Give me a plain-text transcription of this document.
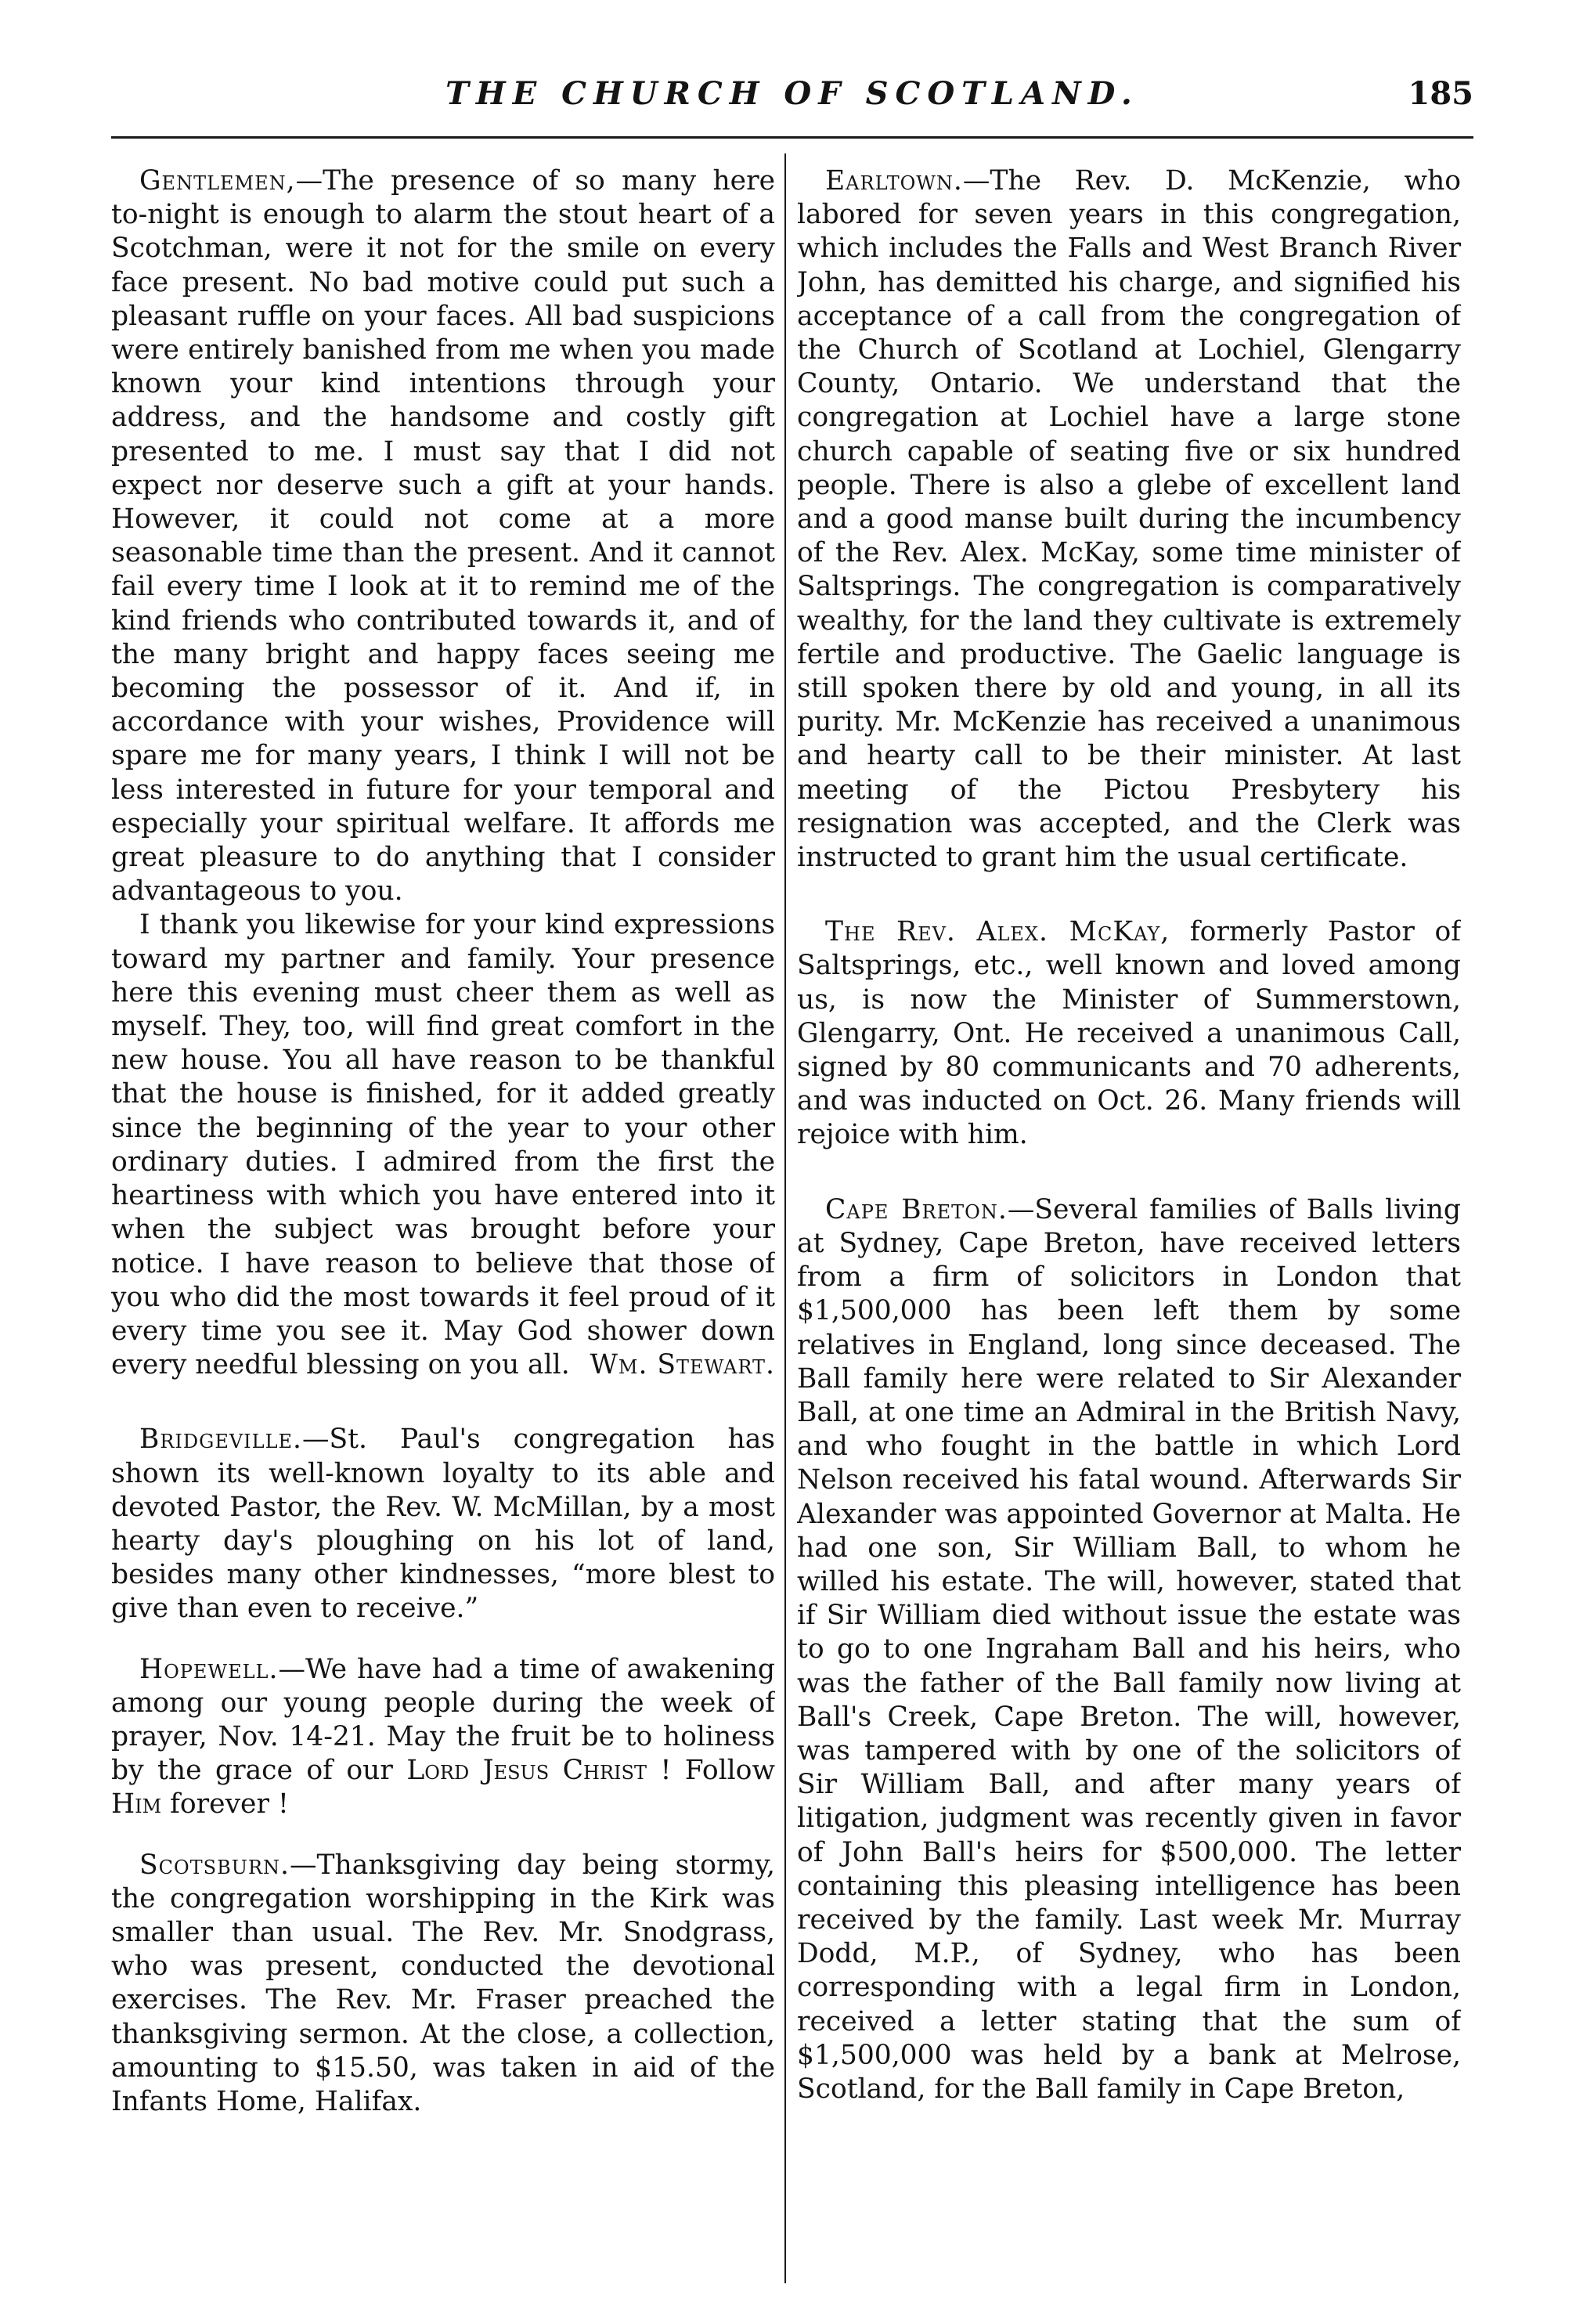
THE CHURCH OF SCOTLAND.	185

Gentlemen,—The presence of so many here to-night is enough to alarm the stout heart of a Scotchman, were it not for the smile on every face present. No bad motive could put such a pleasant ruffle on your faces. All bad suspicions were entirely banished from me when you made known your kind intentions through your address, and the handsome and costly gift presented to me. I must say that I did not expect nor deserve such a gift at your hands. However, it could not come at a more seasonable time than the present. And it cannot fail every time I look at it to remind me of the kind friends who contributed towards it, and of the many bright and happy faces seeing me becoming the possessor of it. And if, in accordance with your wishes, Providence will spare me for many years, I think I will not be less interested in future for your temporal and especially your spiritual welfare. It affords me great pleasure to do anything that I consider advantageous to you.

I thank you likewise for your kind expressions toward my partner and family. Your presence here this evening must cheer them as well as myself. They, too, will find great comfort in the new house. You all have reason to be thankful that the house is finished, for it added greatly since the beginning of the year to your other ordinary duties. I admired from the first the heartiness with which you have entered into it when the subject was brought before your notice. I have reason to believe that those of you who did the most towards it feel proud of it every time you see it. May God shower down every needful blessing on you all. Wm. Stewart.

Bridgeville.—St. Paul's congregation has shown its well-known loyalty to its able and devoted Pastor, the Rev. W. McMillan, by a most hearty day's ploughing on his lot of land, besides many other kindnesses, “more blest to give than even to receive.”

Hopewell.—We have had a time of awakening among our young people during the week of prayer, Nov. 14-21. May the fruit be to holiness by the grace of our Lord Jesus Christ ! Follow Him forever !

Scotsburn.—Thanksgiving day being stormy, the congregation worshipping in the Kirk was smaller than usual. The Rev. Mr. Snodgrass, who was present, conducted the devotional exercises. The Rev. Mr. Fraser preached the thanksgiving sermon. At the close, a collection, amounting to $15.50, was taken in aid of the Infants Home, Halifax.

Earltown.—The Rev. D. McKenzie, who labored for seven years in this congregation, which includes the Falls and West Branch River John, has demitted his charge, and signified his acceptance of a call from the congregation of the Church of Scotland at Lochiel, Glengarry County, Ontario. We understand that the congregation at Lochiel have a large stone church capable of seating five or six hundred people. There is also a glebe of excellent land and a good manse built during the incumbency of the Rev. Alex. McKay, some time minister of Saltsprings. The congregation is comparatively wealthy, for the land they cultivate is extremely fertile and productive. The Gaelic language is still spoken there by old and young, in all its purity. Mr. McKenzie has received a unanimous and hearty call to be their minister. At last meeting of the Pictou Presbytery his resignation was accepted, and the Clerk was instructed to grant him the usual certificate.

The Rev. Alex. McKay, formerly Pastor of Saltsprings, etc., well known and loved among us, is now the Minister of Summerstown, Glengarry, Ont. He received a unanimous Call, signed by 80 communicants and 70 adherents, and was inducted on Oct. 26. Many friends will rejoice with him.

Cape Breton.—Several families of Balls living at Sydney, Cape Breton, have received letters from a firm of solicitors in London that $1,500,000 has been left them by some relatives in England, long since deceased. The Ball family here were related to Sir Alexander Ball, at one time an Admiral in the British Navy, and who fought in the battle in which Lord Nelson received his fatal wound. Afterwards Sir Alexander was appointed Governor at Malta. He had one son, Sir William Ball, to whom he willed his estate. The will, however, stated that if Sir William died without issue the estate was to go to one Ingraham Ball and his heirs, who was the father of the Ball family now living at Ball's Creek, Cape Breton. The will, however, was tampered with by one of the solicitors of Sir William Ball, and after many years of litigation, judgment was recently given in favor of John Ball's heirs for $500,000. The letter containing this pleasing intelligence has been received by the family. Last week Mr. Murray Dodd, M.P., of Sydney, who has been corresponding with a legal firm in London, received a letter stating that the sum of $1,500,000 was held by a bank at Melrose, Scotland, for the Ball family in Cape Breton,
